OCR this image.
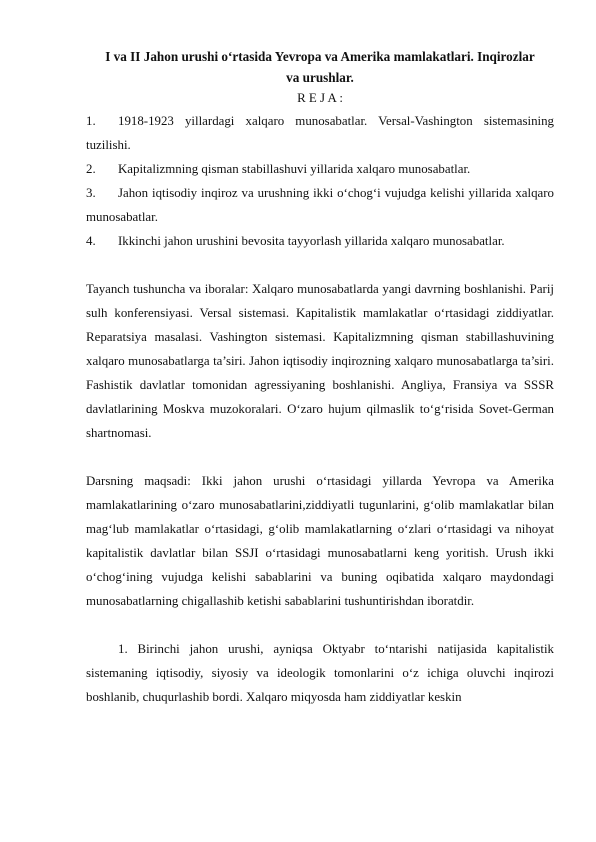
I va II Jahon urushi o‘rtasida Yevropa va Amerika mamlakatlari. Inqirozlar
va urushlar.

R E J A :

1. 1918-1923 yillardagi xalqaro munosabatlar. Versal-Vashington sistemasining tuzilishi.

2. Kapitalizmning qisman stabillashuvi yillarida xalqaro munosabatlar.

3. Jahon iqtisodiy inqiroz va urushning ikki o‘chog‘i vujudga kelishi yillarida xalqaro munosabatlar.

4. Ikkinchi jahon urushini bevosita tayyorlash yillarida xalqaro munosabatlar.

Tayanch tushuncha va iboralar: Xalqaro munosabatlarda yangi davrning boshlanishi. Parij sulh konferensiyasi. Versal sistemasi. Kapitalistik mamlakatlar o‘rtasidagi ziddiyatlar. Reparatsiya masalasi. Vashington sistemasi. Kapitalizmning qisman stabillashuvining xalqaro munosabatlarga ta’siri. Jahon iqtisodiy inqirozning xalqaro munosabatlarga ta’siri. Fashistik davlatlar tomonidan agressiyaning boshlanishi. Angliya, Fransiya va SSSR davlatlarining Moskva muzokoralari. O‘zaro hujum qilmaslik to‘g‘risida Sovet-German shartnomasi.

Darsning maqsadi: Ikki jahon urushi o‘rtasidagi yillarda Yevropa va Amerika mamlakatlarining o‘zaro munosabatlarini,ziddiyatli tugunlarini, g‘olib mamlakatlar bilan mag‘lub mamlakatlar o‘rtasidagi, g‘olib mamlakatlarning o‘zlari o‘rtasidagi va nihoyat kapitalistik davlatlar bilan SSJI o‘rtasidagi munosabatlarni keng yoritish. Urush ikki o‘chog‘ining vujudga kelishi sabablarini va buning oqibatida xalqaro maydondagi munosabatlarning chigallashib ketishi sabablarini tushuntirishdan iboratdir.

1. Birinchi jahon urushi, ayniqsa Oktyabr to‘ntarishi natijasida kapitalistik sistemaning iqtisodiy, siyosiy va ideologik tomonlarini o‘z ichiga oluvchi inqirozi boshlanib, chuqurlashib bordi. Xalqaro miqyosda ham ziddiyatlar keskin
